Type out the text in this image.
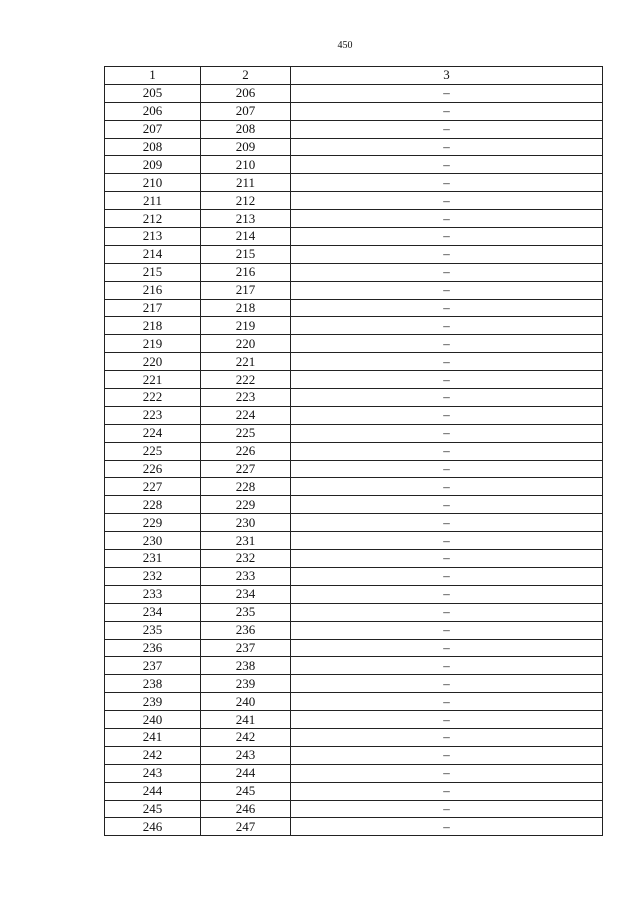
450
1	2	3
205	206	–
206	207	–
207	208	–
208	209	–
209	210	–
210	211	–
211	212	–
212	213	–
213	214	–
214	215	–
215	216	–
216	217	–
217	218	–
218	219	–
219	220	–
220	221	–
221	222	–
222	223	–
223	224	–
224	225	–
225	226	–
226	227	–
227	228	–
228	229	–
229	230	–
230	231	–
231	232	–
232	233	–
233	234	–
234	235	–
235	236	–
236	237	–
237	238	–
238	239	–
239	240	–
240	241	–
241	242	–
242	243	–
243	244	–
244	245	–
245	246	–
246	247	–
